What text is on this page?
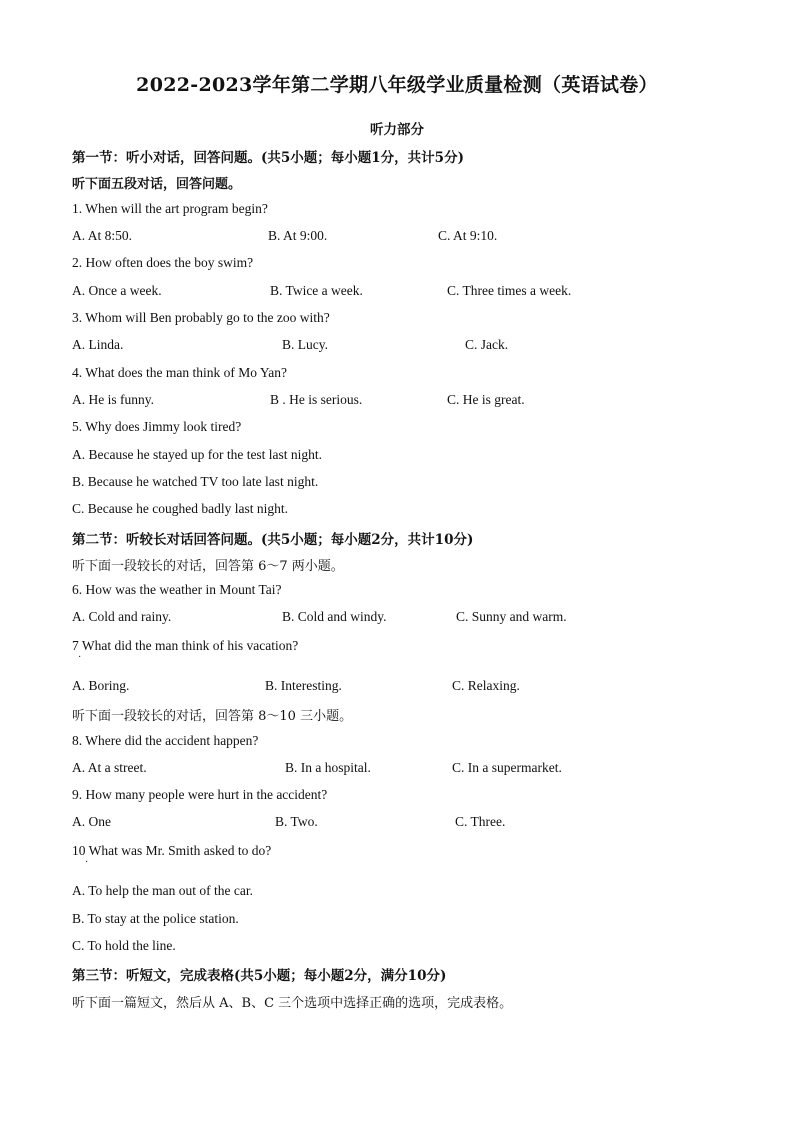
2022-2023学年第二学期八年级学业质量检测（英语试卷）
听力部分
第一节：听小对话，回答问题。(共5小题；每小题1分，共计5分)
听下面五段对话，回答问题。
1. When will the art program begin?
A. At 8:50.	B. At 9:00.	C. At 9:10.
2. How often does the boy swim?
A. Once a week.	B. Twice a week.	C. Three times a week.
3. Whom will Ben probably go to the zoo with?
A. Linda.	B. Lucy.	C. Jack.
4. What does the man think of Mo Yan?
A. He is funny.	B . He is serious.	C. He is great.
5. Why does Jimmy look tired?
A. Because he stayed up for the test last night.
B. Because he watched TV too late last night.
C. Because he coughed badly last night.
第二节：听较长对话回答问题。(共5小题；每小题2分，共计10分)
听下面一段较长的对话，回答第 6～7 两小题。
6. How was the weather in Mount Tai?
A. Cold and rainy.	B. Cold and windy.	C. Sunny and warm.
7 What did the man think of his vacation?
·
A. Boring.	B. Interesting.	C. Relaxing.
听下面一段较长的对话，回答第 8～10 三小题。
8. Where did the accident happen?
A. At a street.	B. In a hospital.	C. In a supermarket.
9. How many people were hurt in the accident?
A. One	B. Two.	C. Three.
10 What was Mr. Smith asked to do?
·
A. To help the man out of the car.
B. To stay at the police station.
C. To hold the line.
第三节：听短文，完成表格(共5小题；每小题2分，满分10分)
听下面一篇短文，然后从 A、B、C 三个选项中选择正确的选项，完成表格。
